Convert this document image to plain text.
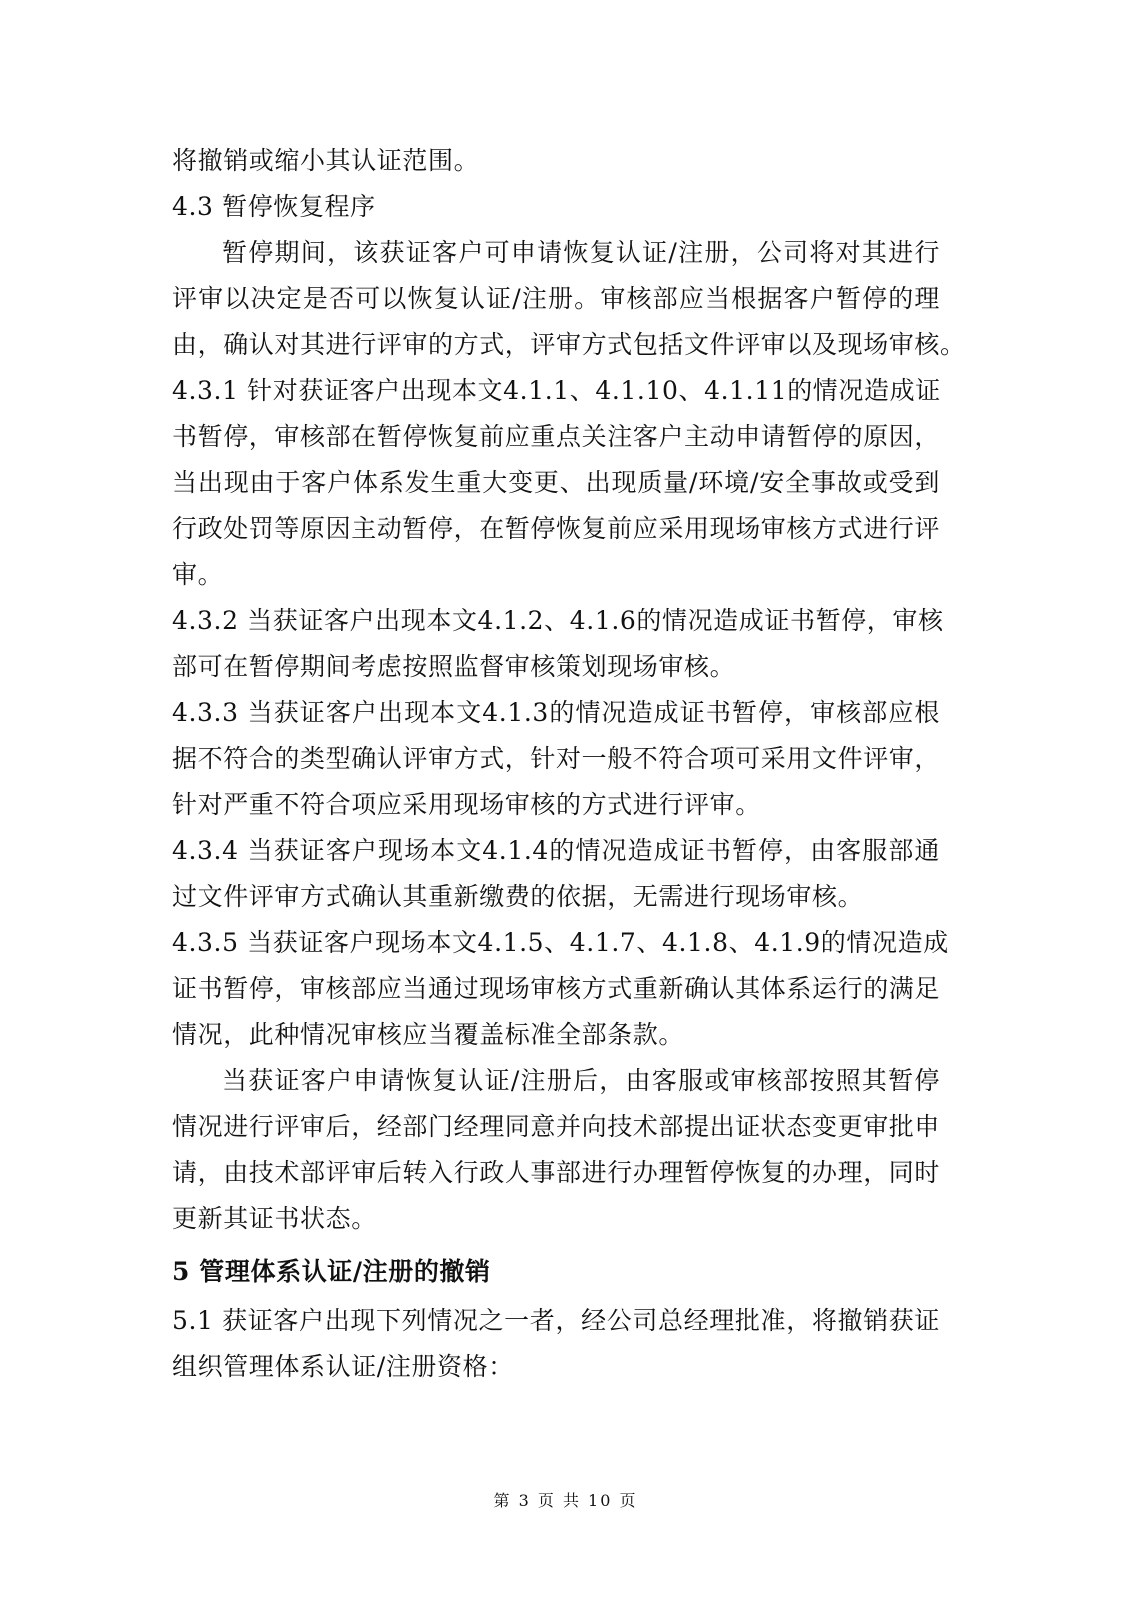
将撤销或缩小其认证范围。
4.3 暂停恢复程序
暂停期间，该获证客户可申请恢复认证/注册，公司将对其进行
评审以决定是否可以恢复认证/注册。审核部应当根据客户暂停的理
由，确认对其进行评审的方式，评审方式包括文件评审以及现场审核。
4.3.1 针对获证客户出现本文4.1.1、4.1.10、4.1.11的情况造成证
书暂停，审核部在暂停恢复前应重点关注客户主动申请暂停的原因，
当出现由于客户体系发生重大变更、出现质量/环境/安全事故或受到
行政处罚等原因主动暂停，在暂停恢复前应采用现场审核方式进行评
审。
4.3.2 当获证客户出现本文4.1.2、4.1.6的情况造成证书暂停，审核
部可在暂停期间考虑按照监督审核策划现场审核。
4.3.3 当获证客户出现本文4.1.3的情况造成证书暂停，审核部应根
据不符合的类型确认评审方式，针对一般不符合项可采用文件评审，
针对严重不符合项应采用现场审核的方式进行评审。
4.3.4 当获证客户现场本文4.1.4的情况造成证书暂停，由客服部通
过文件评审方式确认其重新缴费的依据，无需进行现场审核。
4.3.5 当获证客户现场本文4.1.5、4.1.7、4.1.8、4.1.9的情况造成
证书暂停，审核部应当通过现场审核方式重新确认其体系运行的满足
情况，此种情况审核应当覆盖标准全部条款。
当获证客户申请恢复认证/注册后，由客服或审核部按照其暂停
情况进行评审后，经部门经理同意并向技术部提出证状态变更审批申
请，由技术部评审后转入行政人事部进行办理暂停恢复的办理，同时
更新其证书状态。
5 管理体系认证/注册的撤销
5.1 获证客户出现下列情况之一者，经公司总经理批准，将撤销获证
组织管理体系认证/注册资格：
第 3 页 共 10 页
